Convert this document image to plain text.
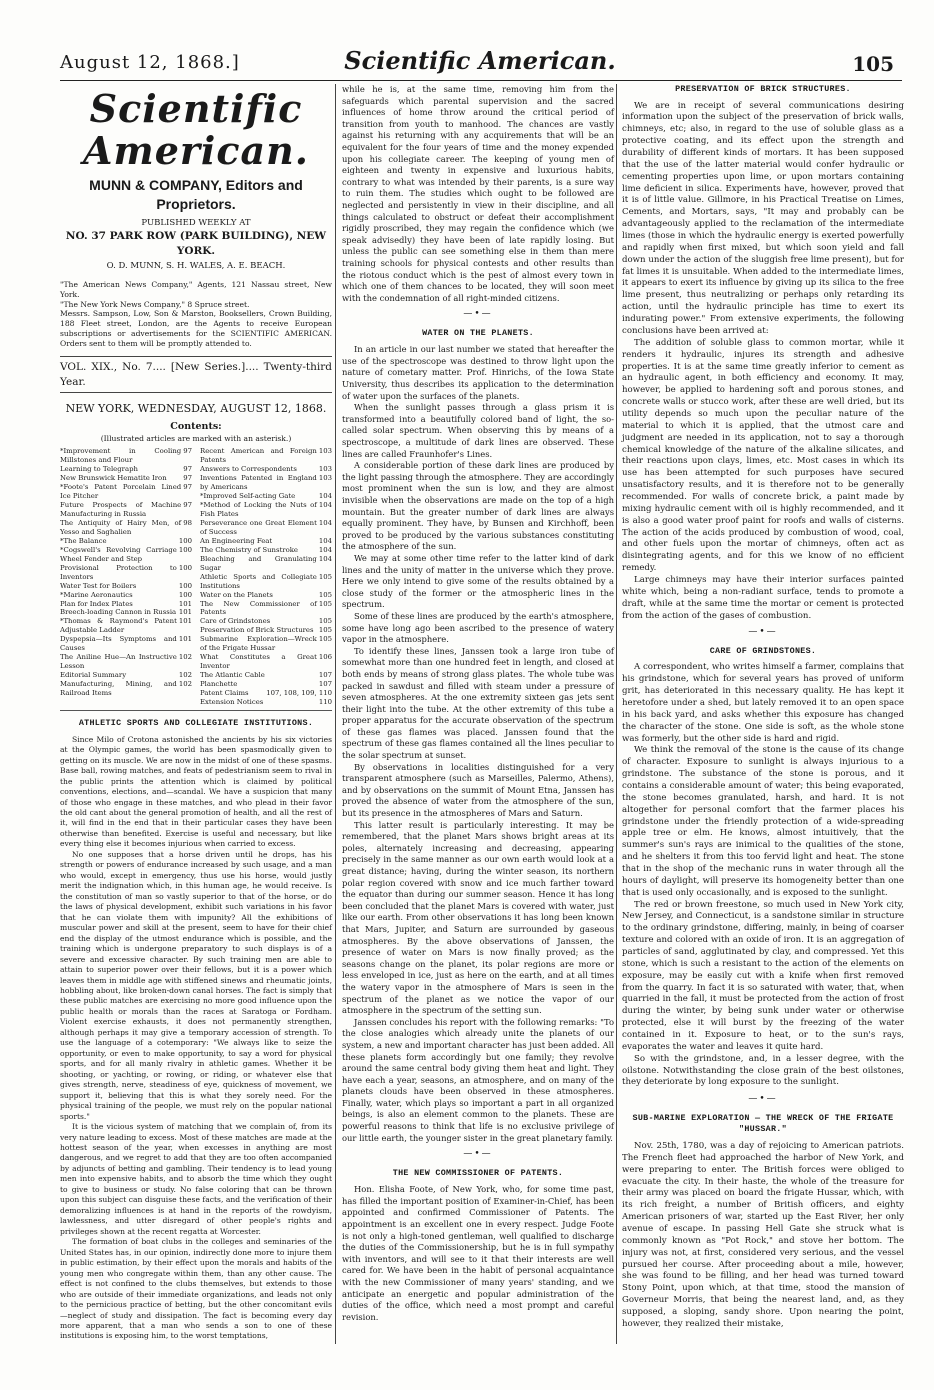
August 12, 1868.]	Scientific American.	105
Scientific American.
MUNN & COMPANY, Editors and Proprietors.
PUBLISHED WEEKLY AT
NO. 37 PARK ROW (PARK BUILDING), NEW YORK.
O. D. MUNN, S. H. WALES, A. E. BEACH.
"The American News Company," Agents, 121 Nassau street, New York.
"The New York News Company," 8 Spruce street.
Messrs. Sampson, Low, Son & Marston, Booksellers, Crown Building, 188 Fleet street, London, are the Agents to receive European subscriptions or advertisements for the SCIENTIFIC AMERICAN. Orders sent to them will be promptly attended to.
VOL. XIX., No. 7.... [New Series.].... Twenty-third Year.
NEW YORK, WEDNESDAY, AUGUST 12, 1868.
Contents:
(Illustrated articles are marked with an asterisk.)
*Improvement in Cooling Millstones and Flour
97
Learning to Telegraph	97
New Brunswick Hematite Iron 97
*Foote's Patent Porcelain Lined Ice Pitcher
97
Future Prospects of Machine Manufacturing in Russia
97
The Antiquity of Hairy Men, of Yesso and Saghalien
98
*The Balance	100
*Cogswell's Revolving Carriage Wheel Fender and Step
100
Provisional Protection to Inventors
100
Water Test for Boilers	100
*Marine Aeronautics	100
Plan for Index Plates	101
Breech-loading Cannon in Russia 101
*Thomas & Raymond's Patent Adjustable Ladder
101
Dyspepsia—Its Symptoms and Causes
101
The Aniline Hue—An Instructive Lesson
102
Editorial Summary	102
Manufacturing, Mining, and Railroad Items
102
Recent American and Foreign Patents
103
Answers to Correspondents	103
Inventions Patented in England by Americans
103
*Improved Self-acting Gate	104
*Method of Locking the Nuts of Fish Plates
104
Perseverance one Great Element of Success
104
An Engineering Feat	104
The Chemistry of Sunstroke	104
Bleaching and Granulating Sugar
104
Athletic Sports and Collegiate Institutions
105
Water on the Planets	105
The New Commissioner of Patents
105
Care of Grindstones	105
Preservation of Brick Structures 105
Submarine Exploration—Wreck of the Frigate Hussar
105
What Constitutes a Great Inventor
106
The Atlantic Cable	107
Planchette	107
Patent Claims	107, 108, 109, 110
Extension Notices	110
ATHLETIC SPORTS AND COLLEGIATE INSTITUTIONS.

Since Milo of Crotona astonished the ancients by his six victories at the Olympic games, the world has been spasmodically given to getting on its muscle. We are now in the midst of one of these spasms. Base ball, rowing matches, and feats of pedestrianism seem to rival in the public prints the attention which is claimed by political conventions, elections, and—scandal. We have a suspicion that many of those who engage in these matches, and who plead in their favor the old cant about the general promotion of health, and all the rest of it, will find in the end that in their particular cases they have been otherwise than benefited. Exercise is useful and necessary, but like every thing else it becomes injurious when carried to excess.

No one supposes that a horse driven until he drops, has his strength or powers of endurance increased by such usage, and a man who would, except in emergency, thus use his horse, would justly merit the indignation which, in this human age, he would receive. Is the constitution of man so vastly superior to that of the horse, or do the laws of physical development, exhibit such variations in his favor that he can violate them with impunity? All the exhibitions of muscular power and skill at the present, seem to have for their chief end the display of the utmost endurance which is possible, and the training which is undergone preparatory to such displays is of a severe and excessive character. By such training men are able to attain to superior power over their fellows, but it is a power which leaves them in middle age with stiffened sinews and rheumatic joints, hobbling about, like broken-down canal horses. The fact is simply that these public matches are exercising no more good influence upon the public health or morals than the races at Saratoga or Fordham. Violent exercise exhausts, it does not permanently strengthen, although perhaps it may give a temporary accession of strength. To use the language of a cotemporary: "We always like to seize the opportunity, or even to make opportunity, to say a word for physical sports, and for all manly rivalry in athletic games. Whether it be shooting, or yachting, or rowing, or riding, or whatever else that gives strength, nerve, steadiness of eye, quickness of movement, we support it, believing that this is what they sorely need. For the physical training of the people, we must rely on the popular national sports."

It is the vicious system of matching that we complain of, from its very nature leading to excess. Most of these matches are made at the hottest season of the year, when excesses in anything are most dangerous, and we regret to add that they are too often accompanied by adjuncts of betting and gambling. Their tendency is to lead young men into expensive habits, and to absorb the time which they ought to give to business or study. No false coloring that can be thrown upon this subject can disguise these facts, and the verification of their demoralizing influences is at hand in the reports of the rowdyism, lawlessness, and utter disregard of other people's rights and privileges shown at the recent regatta at Worcester.

The formation of boat clubs in the colleges and seminaries of the United States has, in our opinion, indirectly done more to injure them in public estimation, by their effect upon the morals and habits of the young men who congregate within them, than any other cause. The effect is not confined to the clubs themselves, but extends to those who are outside of their immediate organizations, and leads not only to the pernicious practice of betting, but the other concomitant evils—neglect of study and dissipation. The fact is becoming every day more apparent, that a man who sends a son to one of these institutions is exposing him, to the worst temptations,

while he is, at the same time, removing him from the safeguards which parental supervision and the sacred influences of home throw around the critical period of transition from youth to manhood. The chances are vastly against his returning with any acquirements that will be an equivalent for the four years of time and the money expended upon his collegiate career. The keeping of young men of eighteen and twenty in expensive and luxurious habits, contrary to what was intended by their parents, is a sure way to ruin them. The studies which ought to be followed are neglected and persistently in view in their discipline, and all things calculated to obstruct or defeat their accomplishment rigidly proscribed, they may regain the confidence which (we speak advisedly) they have been of late rapidly losing. But unless the public can see something else in them than mere training schools for physical contests and other results than the riotous conduct which is the pest of almost every town in which one of them chances to be located, they will soon meet with the condemnation of all right-minded citizens.

—•—
WATER ON THE PLANETS.

In an article in our last number we stated that hereafter the use of the spectroscope was destined to throw light upon the nature of cometary matter. Prof. Hinrichs, of the Iowa State University, thus describes its application to the determination of water upon the surfaces of the planets.

When the sunlight passes through a glass prism it is transformed into a beautifully colored band of light, the so-called solar spectrum. When observing this by means of a spectroscope, a multitude of dark lines are observed. These lines are called Fraunhofer's Lines.

A considerable portion of these dark lines are produced by the light passing through the atmosphere. They are accordingly most prominent when the sun is low, and they are almost invisible when the observations are made on the top of a high mountain. But the greater number of dark lines are always equally prominent. They have, by Bunsen and Kirchhoff, been proved to be produced by the various substances constituting the atmosphere of the sun.

We may at some other time refer to the latter kind of dark lines and the unity of matter in the universe which they prove. Here we only intend to give some of the results obtained by a close study of the former or the atmospheric lines in the spectrum.

Some of these lines are produced by the earth's atmosphere, some have long ago been ascribed to the presence of watery vapor in the atmosphere.

To identify these lines, Janssen took a large iron tube of somewhat more than one hundred feet in length, and closed at both ends by means of strong glass plates. The whole tube was packed in sawdust and filled with steam under a pressure of seven atmospheres. At the one extremity sixteen gas jets sent their light into the tube. At the other extremity of this tube a proper apparatus for the accurate observation of the spectrum of these gas flames was placed. Janssen found that the spectrum of these gas flames contained all the lines peculiar to the solar spectrum at sunset.

By observations in localities distinguished for a very transparent atmosphere (such as Marseilles, Palermo, Athens), and by observations on the summit of Mount Etna, Janssen has proved the absence of water from the atmosphere of the sun, but its presence in the atmospheres of Mars and Saturn.

This latter result is particularly interesting. It may be remembered, that the planet Mars shows bright areas at its poles, alternately increasing and decreasing, appearing precisely in the same manner as our own earth would look at a great distance; having, during the winter season, its northern polar region covered with snow and ice much farther toward the equator than during our summer season. Hence it has long been concluded that the planet Mars is covered with water, just like our earth. From other observations it has long been known that Mars, Jupiter, and Saturn are surrounded by gaseous atmospheres. By the above observations of Janssen, the presence of water on Mars is now finally proved; as the seasons change on the planet, its polar regions are more or less enveloped in ice, just as here on the earth, and at all times the watery vapor in the atmosphere of Mars is seen in the spectrum of the planet as we notice the vapor of our atmosphere in the spectrum of the setting sun.

Janssen concludes his report with the following remarks: "To the close analogies which already unite the planets of our system, a new and important character has just been added. All these planets form accordingly but one family; they revolve around the same central body giving them heat and light. They have each a year, seasons, an atmosphere, and on many of the planets clouds have been observed in these atmospheres. Finally, water, which plays so important a part in all organized beings, is also an element common to the planets. These are powerful reasons to think that life is no exclusive privilege of our little earth, the younger sister in the great planetary family.

—•—
THE NEW COMMISSIONER OF PATENTS.

Hon. Elisha Foote, of New York, who, for some time past, has filled the important position of Examiner-in-Chief, has been appointed and confirmed Commissioner of Patents. The appointment is an excellent one in every respect. Judge Foote is not only a high-toned gentleman, well qualified to discharge the duties of the Commissionership, but he is in full sympathy with inventors, and will see to it that their interests are well cared for. We have been in the habit of personal acquaintance with the new Commissioner of many years' standing, and we anticipate an energetic and popular administration of the duties of the office, which need a most prompt and careful revision.

PRESERVATION OF BRICK STRUCTURES.

We are in receipt of several communications desiring information upon the subject of the preservation of brick walls, chimneys, etc; also, in regard to the use of soluble glass as a protective coating, and its effect upon the strength and durability of different kinds of mortars. It has been supposed that the use of the latter material would confer hydraulic or cementing properties upon lime, or upon mortars containing lime deficient in silica. Experiments have, however, proved that it is of little value. Gillmore, in his Practical Treatise on Limes, Cements, and Mortars, says, "It may and probably can be advantageously applied to the reclamation of the intermediate limes (those in which the hydraulic energy is exerted powerfully and rapidly when first mixed, but which soon yield and fall down under the action of the sluggish free lime present), but for fat limes it is unsuitable. When added to the intermediate limes, it appears to exert its influence by giving up its silica to the free lime present, thus neutralizing or perhaps only retarding its action, until the hydraulic principle has time to exert its indurating power." From extensive experiments, the following conclusions have been arrived at:

The addition of soluble glass to common mortar, while it renders it hydraulic, injures its strength and adhesive properties. It is at the same time greatly inferior to cement as an hydraulic agent, in both efficiency and economy. It may, however, be applied to hardening soft and porous stones, and concrete walls or stucco work, after these are well dried, but its utility depends so much upon the peculiar nature of the material to which it is applied, that the utmost care and judgment are needed in its application, not to say a thorough chemical knowledge of the nature of the alkaline silicates, and their reactions upon clays, limes, etc. Most cases in which its use has been attempted for such purposes have secured unsatisfactory results, and it is therefore not to be generally recommended. For walls of concrete brick, a paint made by mixing hydraulic cement with oil is highly recommended, and it is also a good water proof paint for roofs and walls of cisterns. The action of the acids produced by combustion of wood, coal, and other fuels upon the mortar of chimneys, often act as disintegrating agents, and for this we know of no efficient remedy.

Large chimneys may have their interior surfaces painted white which, being a non-radiant surface, tends to promote a draft, while at the same time the mortar or cement is protected from the action of the gases of combustion.

—•—
CARE OF GRINDSTONES.

A correspondent, who writes himself a farmer, complains that his grindstone, which for several years has proved of uniform grit, has deteriorated in this necessary quality. He has kept it heretofore under a shed, but lately removed it to an open space in his back yard, and asks whether this exposure has changed the character of the stone. One side is soft, as the whole stone was formerly, but the other side is hard and rigid.

We think the removal of the stone is the cause of its change of character. Exposure to sunlight is always injurious to a grindstone. The substance of the stone is porous, and it contains a considerable amount of water; this being evaporated, the stone becomes granulated, harsh, and hard. It is not altogether for personal comfort that the farmer places his grindstone under the friendly protection of a wide-spreading apple tree or elm. He knows, almost intuitively, that the summer's sun's rays are inimical to the qualities of the stone, and he shelters it from this too fervid light and heat. The stone that in the shop of the mechanic runs in water through all the hours of daylight, will preserve its homogeneity better than one that is used only occasionally, and is exposed to the sunlight.

The red or brown freestone, so much used in New York city, New Jersey, and Connecticut, is a sandstone similar in structure to the ordinary grindstone, differing, mainly, in being of coarser texture and colored with an oxide of iron. It is an aggregation of particles of sand, agglutinated by clay, and compressed. Yet this stone, which is such a resistant to the action of the elements on exposure, may be easily cut with a knife when first removed from the quarry. In fact it is so saturated with water, that, when quarried in the fall, it must be protected from the action of frost during the winter, by being sunk under water or otherwise protected, else it will burst by the freezing of the water contained in it. Exposure to heat, or to the sun's rays, evaporates the water and leaves it quite hard.

So with the grindstone, and, in a lesser degree, with the oilstone. Notwithstanding the close grain of the best oilstones, they deteriorate by long exposure to the sunlight.

—•—
SUB-MARINE EXPLORATION — THE WRECK OF THE FRIGATE "HUSSAR."

Nov. 25th, 1780, was a day of rejoicing to American patriots. The French fleet had approached the harbor of New York, and were preparing to enter. The British forces were obliged to evacuate the city. In their haste, the whole of the treasure for their army was placed on board the frigate Hussar, which, with its rich freight, a number of British officers, and eighty American prisoners of war, started up the East River, her only avenue of escape. In passing Hell Gate she struck what is commonly known as "Pot Rock," and stove her bottom. The injury was not, at first, considered very serious, and the vessel pursued her course. After proceeding about a mile, however, she was found to be filling, and her head was turned toward Stony Point, upon which, at that time, stood the mansion of Governeur Morris, that being the nearest land, and, as they supposed, a sloping, sandy shore. Upon nearing the point, however, they realized their mistake,
